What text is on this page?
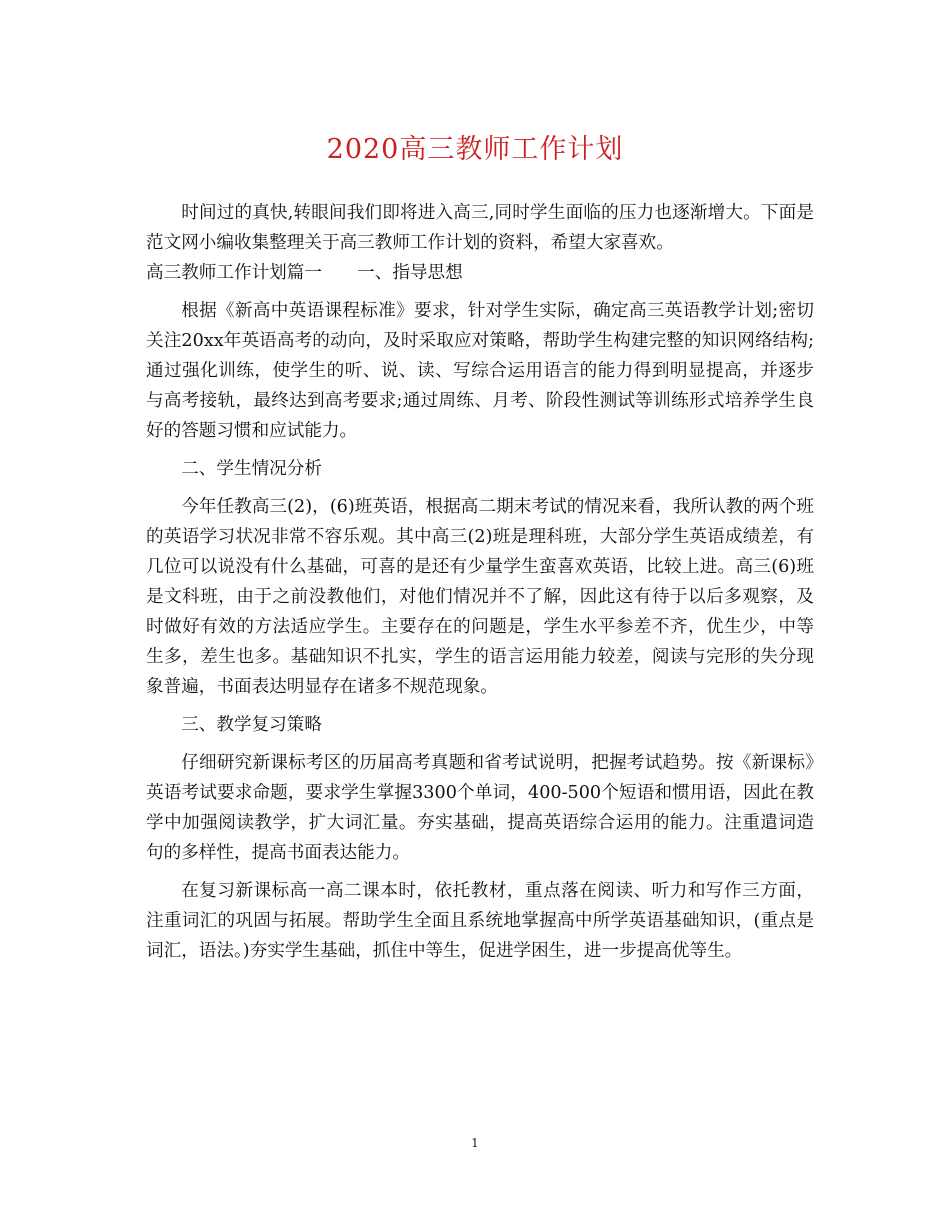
2020高三教师工作计划

时间过的真快,转眼间我们即将进入高三,同时学生面临的压力也逐渐增大。下面是范文网小编收集整理关于高三教师工作计划的资料，希望大家喜欢。

高三教师工作计划篇一　　一、指导思想

根据《新高中英语课程标准》要求，针对学生实际，确定高三英语教学计划;密切关注20xx年英语高考的动向，及时采取应对策略，帮助学生构建完整的知识网络结构;通过强化训练，使学生的听、说、读、写综合运用语言的能力得到明显提高，并逐步与高考接轨，最终达到高考要求;通过周练、月考、阶段性测试等训练形式培养学生良好的答题习惯和应试能力。

二、学生情况分析

今年任教高三(2)，(6)班英语，根据高二期末考试的情况来看，我所认教的两个班的英语学习状况非常不容乐观。其中高三(2)班是理科班，大部分学生英语成绩差，有几位可以说没有什么基础，可喜的是还有少量学生蛮喜欢英语，比较上进。高三(6)班是文科班，由于之前没教他们，对他们情况并不了解，因此这有待于以后多观察，及时做好有效的方法适应学生。主要存在的问题是，学生水平参差不齐，优生少，中等生多，差生也多。基础知识不扎实，学生的语言运用能力较差，阅读与完形的失分现象普遍，书面表达明显存在诸多不规范现象。

三、教学复习策略

仔细研究新课标考区的历届高考真题和省考试说明，把握考试趋势。按《新课标》英语考试要求命题，要求学生掌握3300个单词，400-500个短语和惯用语，因此在教学中加强阅读教学，扩大词汇量。夯实基础，提高英语综合运用的能力。注重遣词造句的多样性，提高书面表达能力。

在复习新课标高一高二课本时，依托教材，重点落在阅读、听力和写作三方面，注重词汇的巩固与拓展。帮助学生全面且系统地掌握高中所学英语基础知识，(重点是词汇，语法。)夯实学生基础，抓住中等生，促进学困生，进一步提高优等生。

1
